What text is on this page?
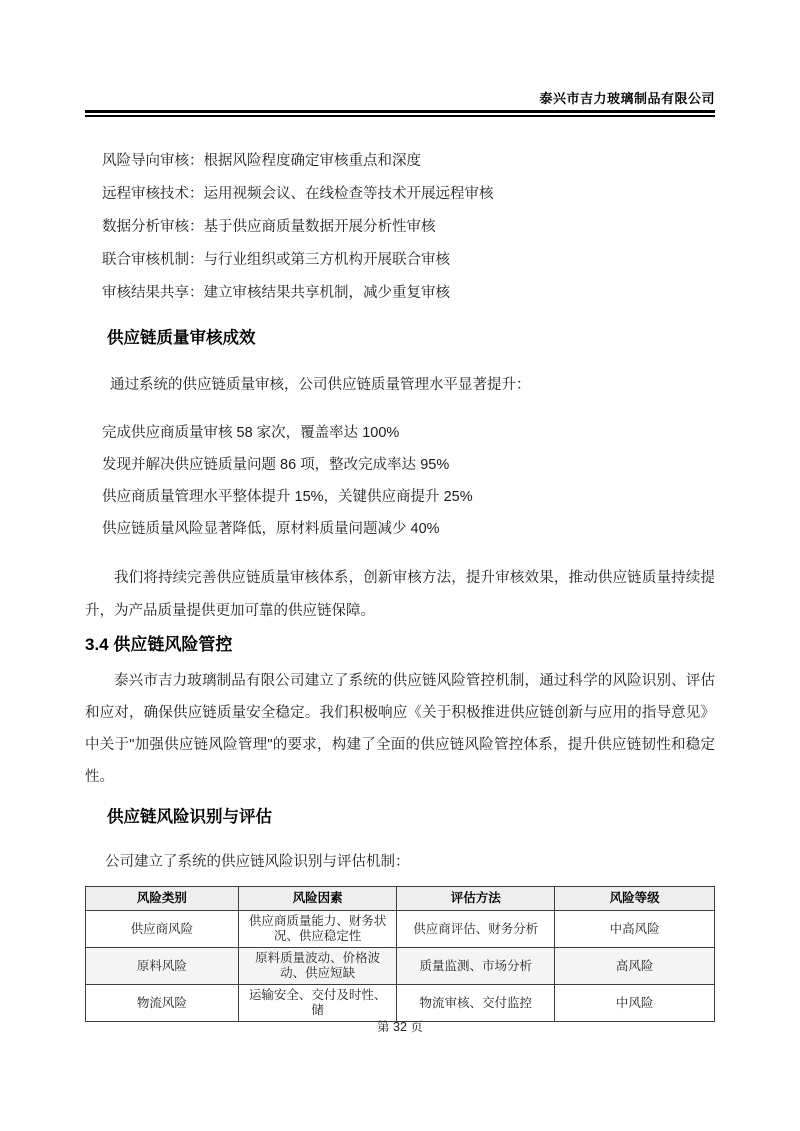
泰兴市吉力玻璃制品有限公司
风险导向审核：根据风险程度确定审核重点和深度
远程审核技术：运用视频会议、在线检查等技术开展远程审核
数据分析审核：基于供应商质量数据开展分析性审核
联合审核机制：与行业组织或第三方机构开展联合审核
审核结果共享：建立审核结果共享机制，减少重复审核
供应链质量审核成效
通过系统的供应链质量审核，公司供应链质量管理水平显著提升：
完成供应商质量审核 58 家次，覆盖率达 100%
发现并解决供应链质量问题 86 项，整改完成率达 95%
供应商质量管理水平整体提升 15%，关键供应商提升 25%
供应链质量风险显著降低，原材料质量问题减少 40%
我们将持续完善供应链质量审核体系，创新审核方法，提升审核效果，推动供应链质量持续提升，为产品质量提供更加可靠的供应链保障。
3.4 供应链风险管控
泰兴市吉力玻璃制品有限公司建立了系统的供应链风险管控机制，通过科学的风险识别、评估和应对，确保供应链质量安全稳定。我们积极响应《关于积极推进供应链创新与应用的指导意见》中关于"加强供应链风险管理"的要求，构建了全面的供应链风险管控体系，提升供应链韧性和稳定性。
供应链风险识别与评估
公司建立了系统的供应链风险识别与评估机制：
风险类别	风险因素	评估方法	风险等级
供应商风险	供应商质量能力、财务状况、供应稳定性	供应商评估、财务分析	中高风险
原料风险	原料质量波动、价格波动、供应短缺	质量监测、市场分析	高风险
物流风险	运输安全、交付及时性、储	物流审核、交付监控	中风险
第 32 页
